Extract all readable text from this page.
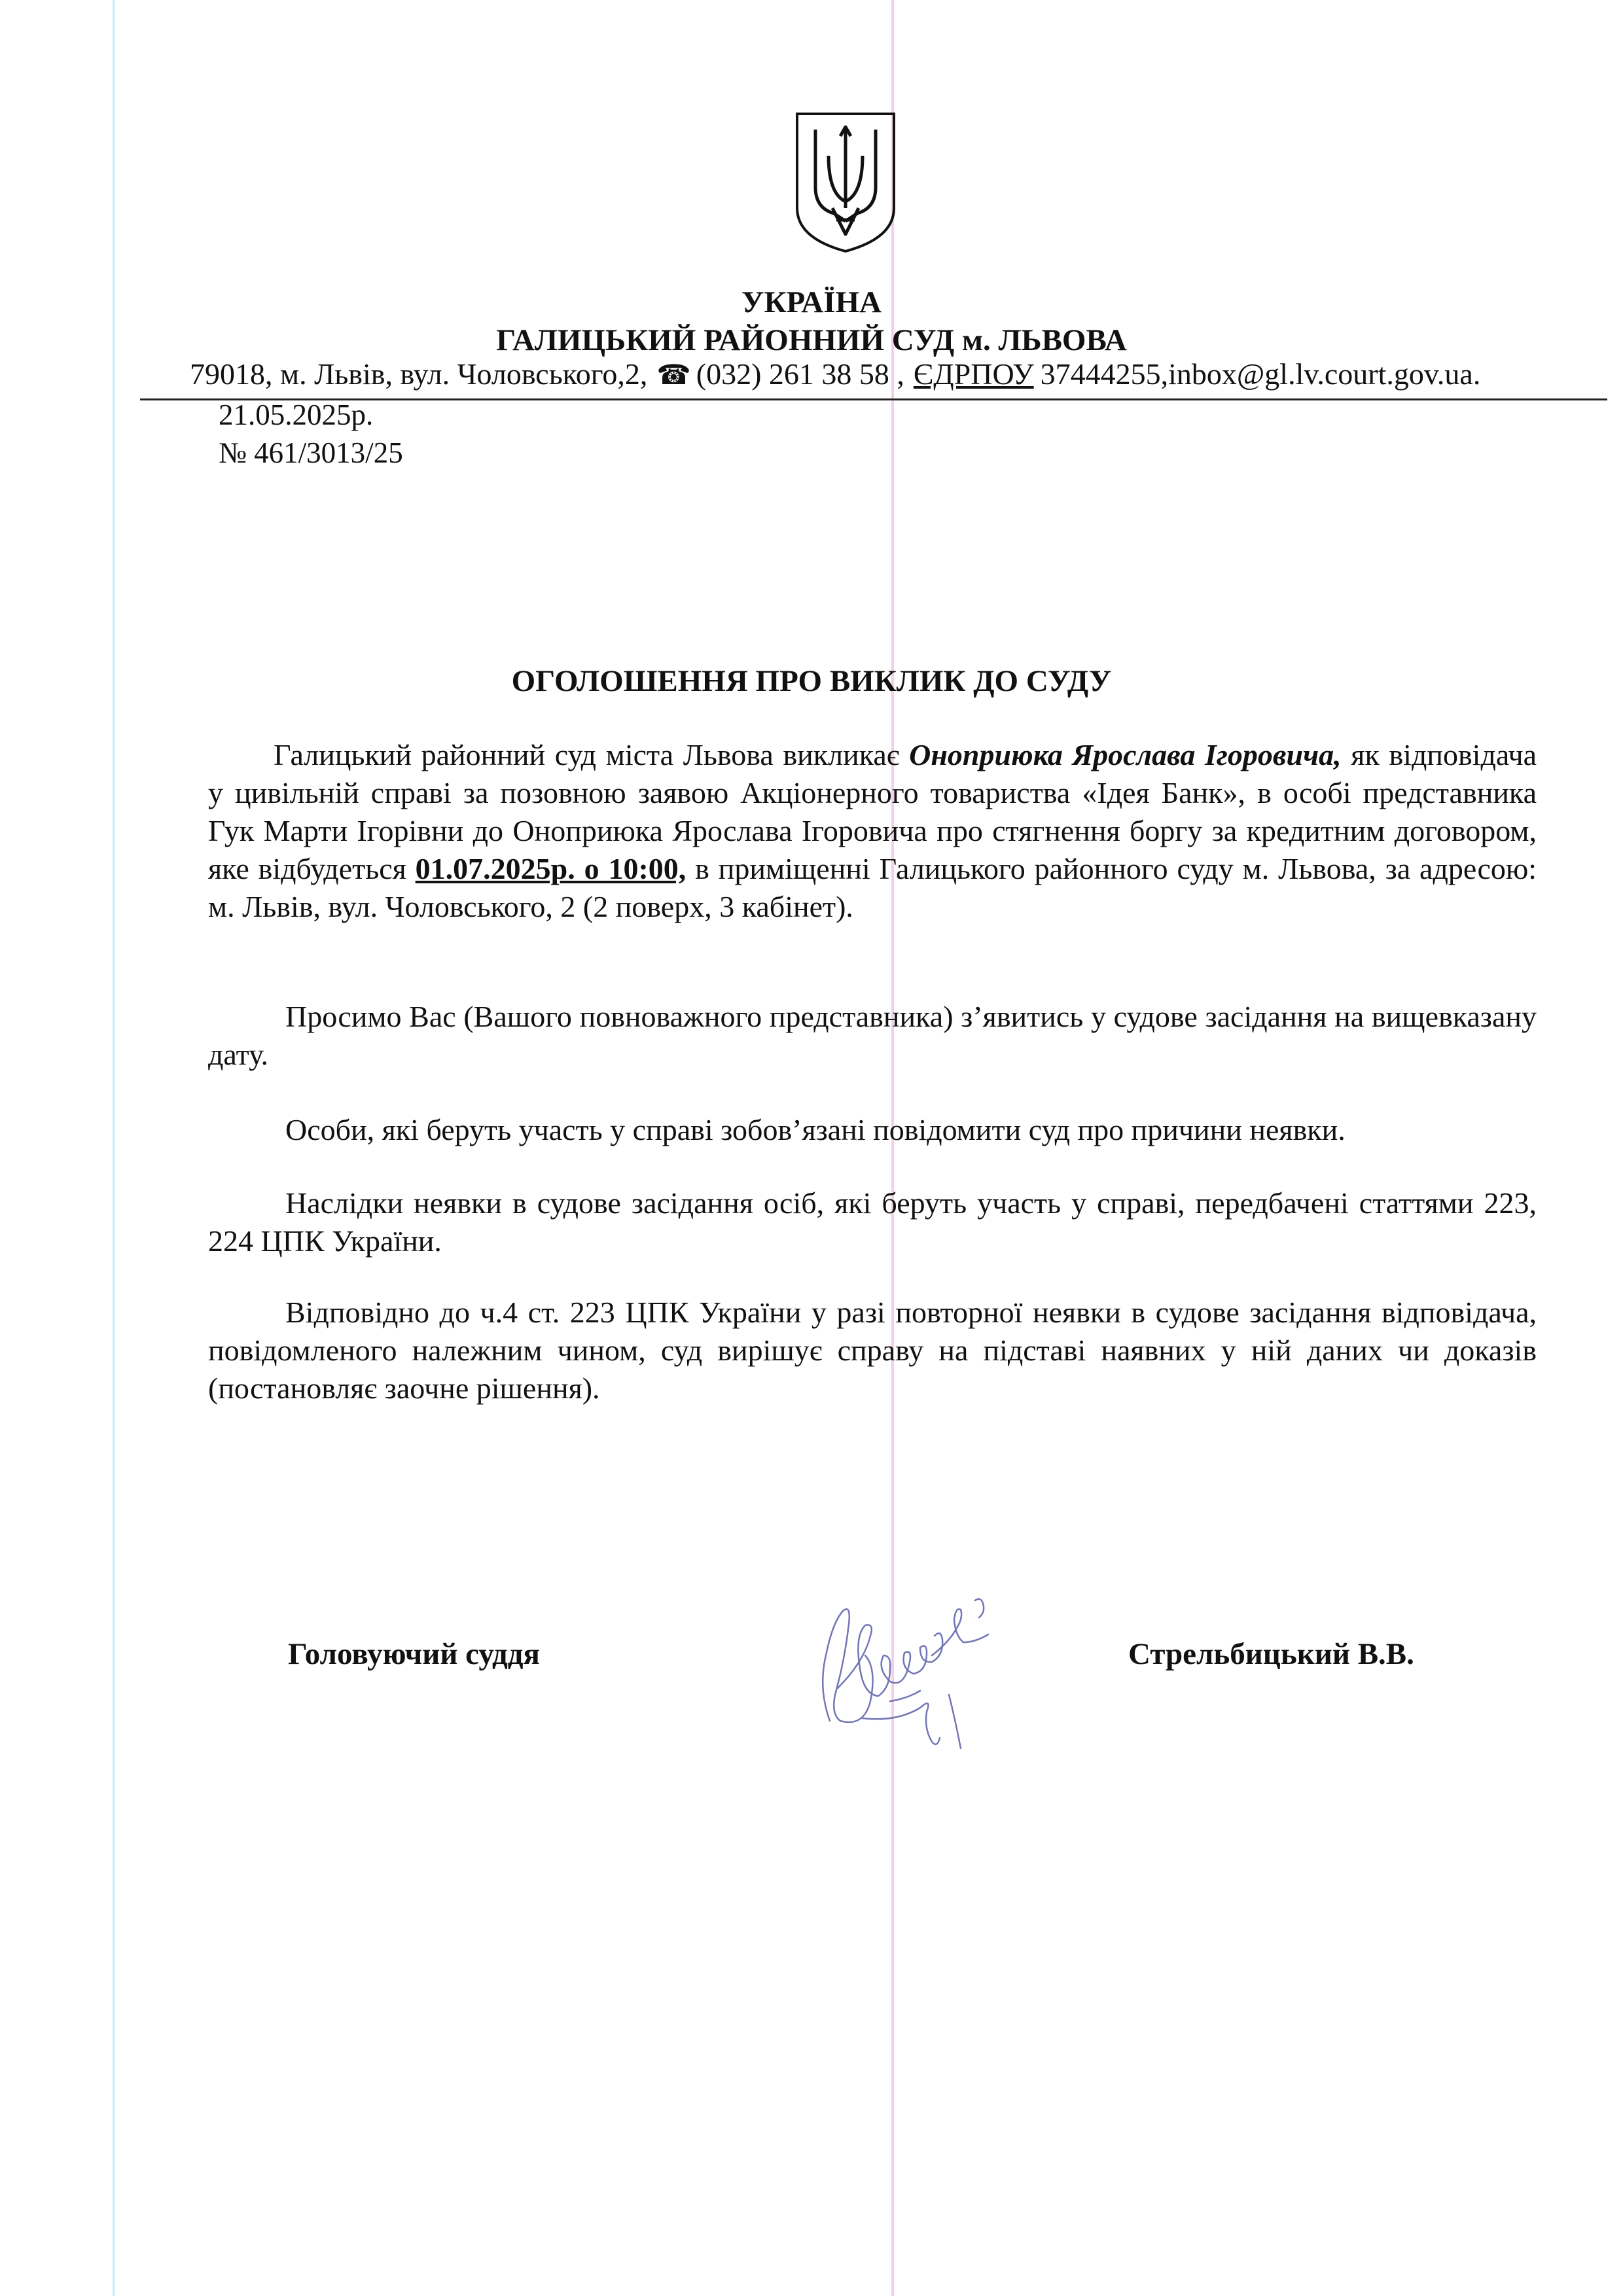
УКРАЇНА
ГАЛИЦЬКИЙ РАЙОННИЙ СУД м. ЛЬВОВА
79018, м. Львів, вул. Чоловського,2, ☎ (032) 261 38 58 , ЄДРПОУ 37444255,inbox@gl.lv.court.gov.ua.
21.05.2025р.
№ 461/3013/25
ОГОЛОШЕННЯ ПРО ВИКЛИК ДО СУДУ
Галицький районний суд міста Львова викликає Оноприюка Ярослава Ігоровича, як відповідача у цивільній справі за позовною заявою Акціонерного товариства «Ідея Банк», в особі представника Гук Марти Ігорівни до Оноприюка Ярослава Ігоровича про стягнення боргу за кредитним договором, яке відбудеться 01.07.2025р. о 10:00, в приміщенні Галицького районного суду м. Львова, за адресою: м. Львів, вул. Чоловського, 2 (2 поверх, 3 кабінет).
Просимо Вас (Вашого повноважного представника) з’явитись у судове засідання на вищевказану дату.
Особи, які беруть участь у справі зобов’язані повідомити суд про причини неявки.
Наслідки неявки в судове засідання осіб, які беруть участь у справі, передбачені статтями 223, 224 ЦПК України.
Відповідно до ч.4 ст. 223 ЦПК України у разі повторної неявки в судове засідання відповідача, повідомленого належним чином, суд вирішує справу на підставі наявних у ній даних чи доказів (постановляє заочне рішення).
Головуючий суддя	Стрельбицький В.В.
